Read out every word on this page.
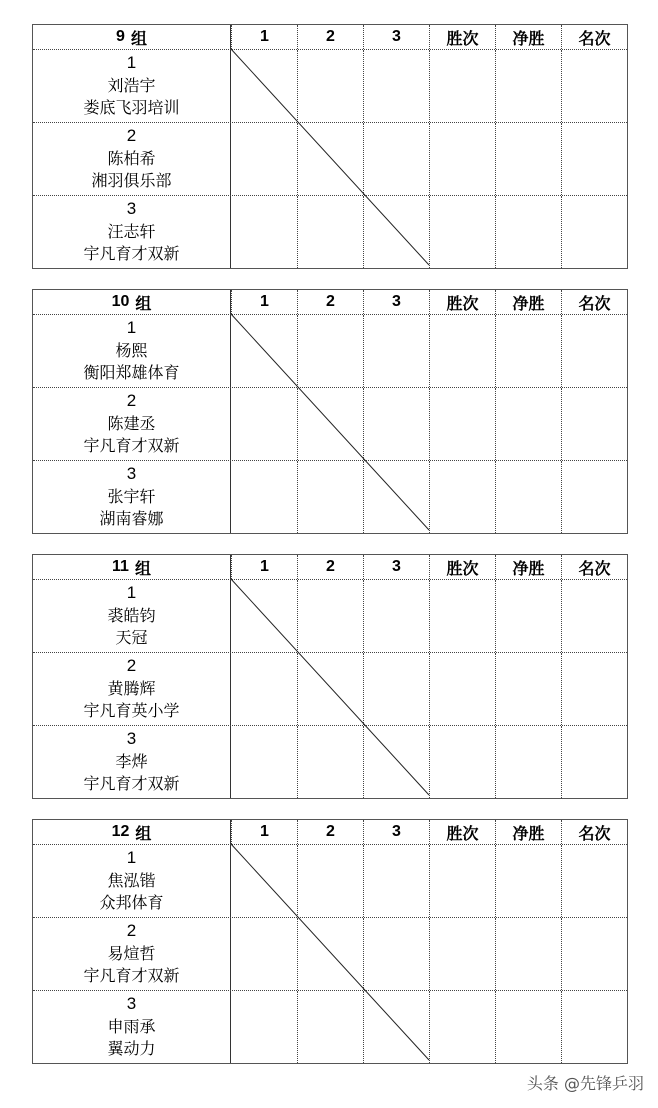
9 组	1	2	3	胜次	净胜	名次
1
刘浩宇
娄底飞羽培训
2
陈柏希
湘羽俱乐部
3
汪志轩
宇凡育才双新
10 组	1	2	3	胜次	净胜	名次
1
杨熙
衡阳郑雄体育
2
陈建丞
宇凡育才双新
3
张宇轩
湖南睿娜
11 组	1	2	3	胜次	净胜	名次
1
裘皓钧
天冠
2
黄腾辉
宇凡育英小学
3
李烨
宇凡育才双新
12 组	1	2	3	胜次	净胜	名次
1
焦泓锴
众邦体育
2
易煊哲
宇凡育才双新
3
申雨承
翼动力
头条 @先锋乒羽
